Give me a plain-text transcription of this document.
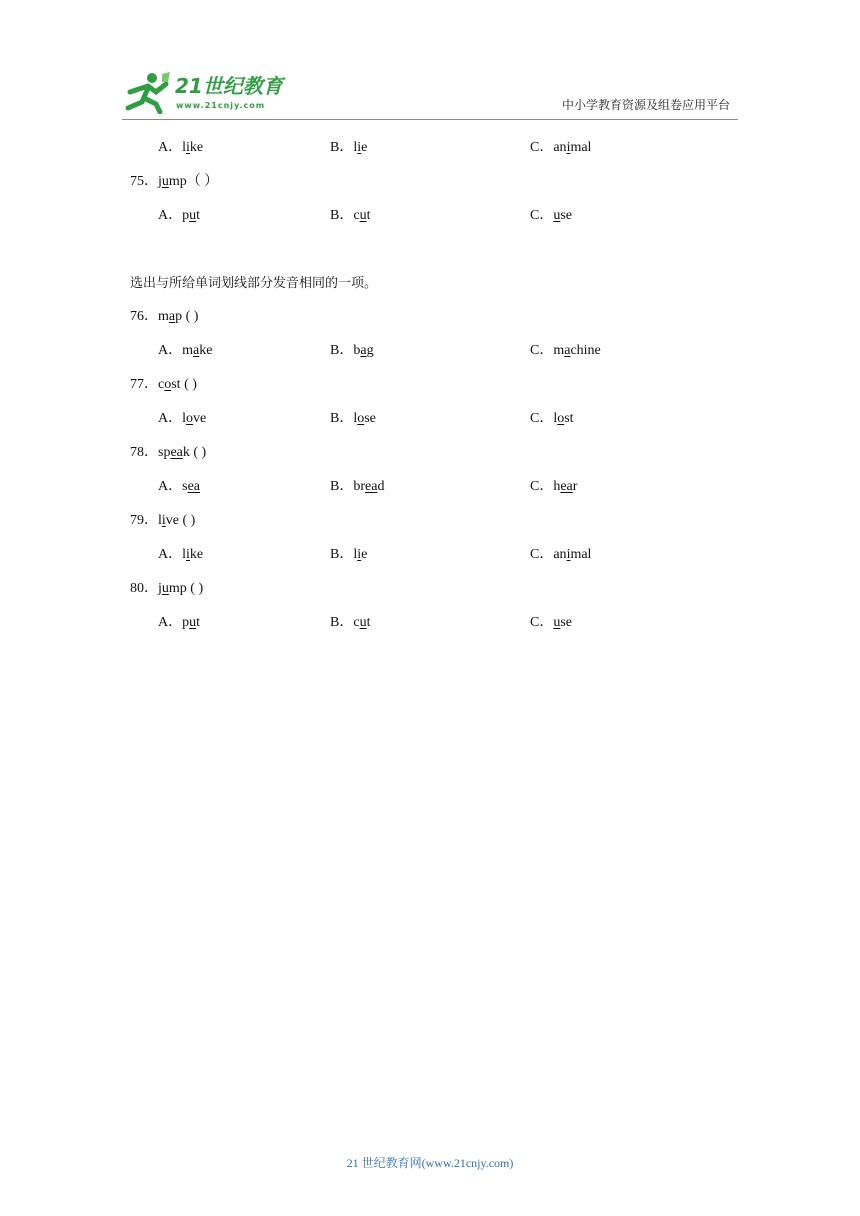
21世纪教育
www.21cnjy.com	中小学教育资源及组卷应用平台
A．like	B．lie	C．animal
75．jump（ ）
A．put	B．cut	C．use
选出与所给单词划线部分发音相同的一项。
76．map ( )
A．make	B．bag	C．machine
77．cost ( )
A．love	B．lose	C．lost
78．speak ( )
A．sea	B．bread	C．hear
79．live ( )
A．like	B．lie	C．animal
80．jump ( )
A．put	B．cut	C．use
21 世纪教育网(www.21cnjy.com)
